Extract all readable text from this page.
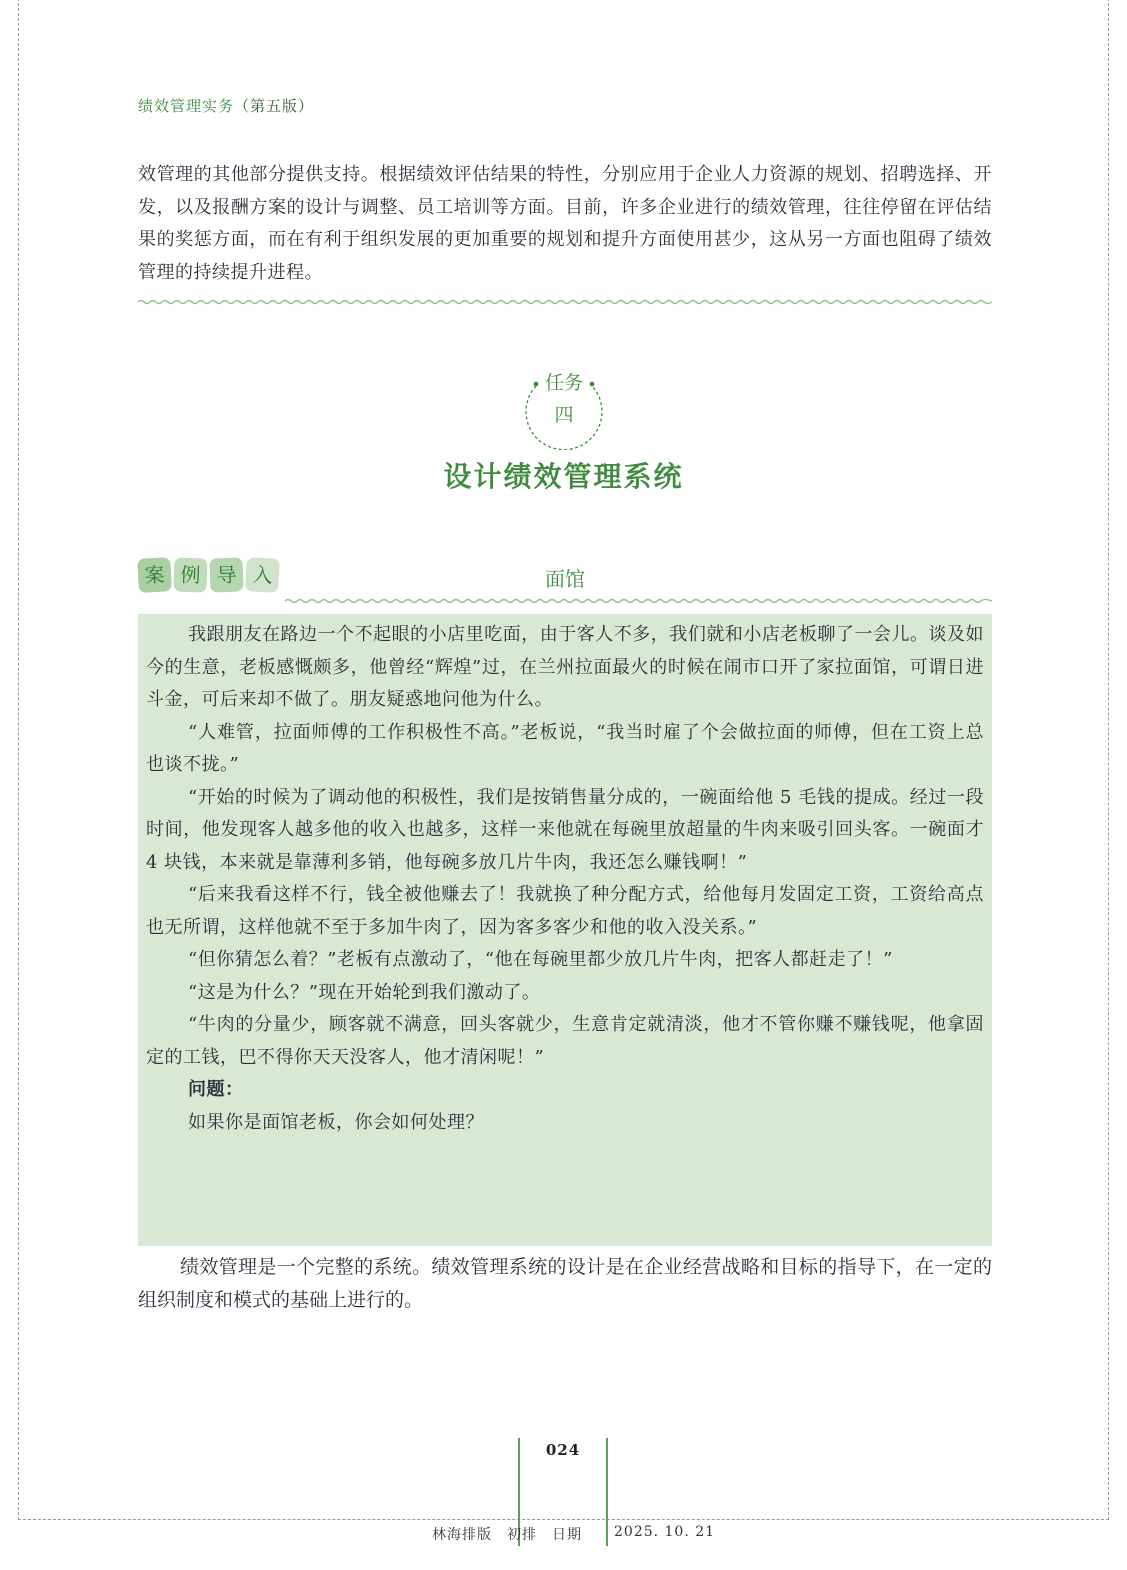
绩效管理实务（第五版）

效管理的其他部分提供支持。根据绩效评估结果的特性，分别应用于企业人力资源的规划、招聘选择、开发，以及报酬方案的设计与调整、员工培训等方面。目前，许多企业进行的绩效管理，往往停留在评估结果的奖惩方面，而在有利于组织发展的更加重要的规划和提升方面使用甚少，这从另一方面也阻碍了绩效管理的持续提升进程。

任务
四
设计绩效管理系统
案 例 导 入	面馆

我跟朋友在路边一个不起眼的小店里吃面，由于客人不多，我们就和小店老板聊了一会儿。谈及如今的生意，老板感慨颇多，他曾经“辉煌”过，在兰州拉面最火的时候在闹市口开了家拉面馆，可谓日进斗金，可后来却不做了。朋友疑惑地问他为什么。

“人难管，拉面师傅的工作积极性不高。”老板说，“我当时雇了个会做拉面的师傅，但在工资上总也谈不拢。”

“开始的时候为了调动他的积极性，我们是按销售量分成的，一碗面给他 5 毛钱的提成。经过一段时间，他发现客人越多他的收入也越多，这样一来他就在每碗里放超量的牛肉来吸引回头客。一碗面才 4 块钱，本来就是靠薄利多销，他每碗多放几片牛肉，我还怎么赚钱啊！”

“后来我看这样不行，钱全被他赚去了！我就换了种分配方式，给他每月发固定工资，工资给高点也无所谓，这样他就不至于多加牛肉了，因为客多客少和他的收入没关系。”

“但你猜怎么着？”老板有点激动了，“他在每碗里都少放几片牛肉，把客人都赶走了！”

“这是为什么？”现在开始轮到我们激动了。

“牛肉的分量少，顾客就不满意，回头客就少，生意肯定就清淡，他才不管你赚不赚钱呢，他拿固定的工钱，巴不得你天天没客人，他才清闲呢！”

问题：

如果你是面馆老板，你会如何处理？

绩效管理是一个完整的系统。绩效管理系统的设计是在企业经营战略和目标的指导下，在一定的组织制度和模式的基础上进行的。

024
林海排版　初排　日期 2025. 10. 21
